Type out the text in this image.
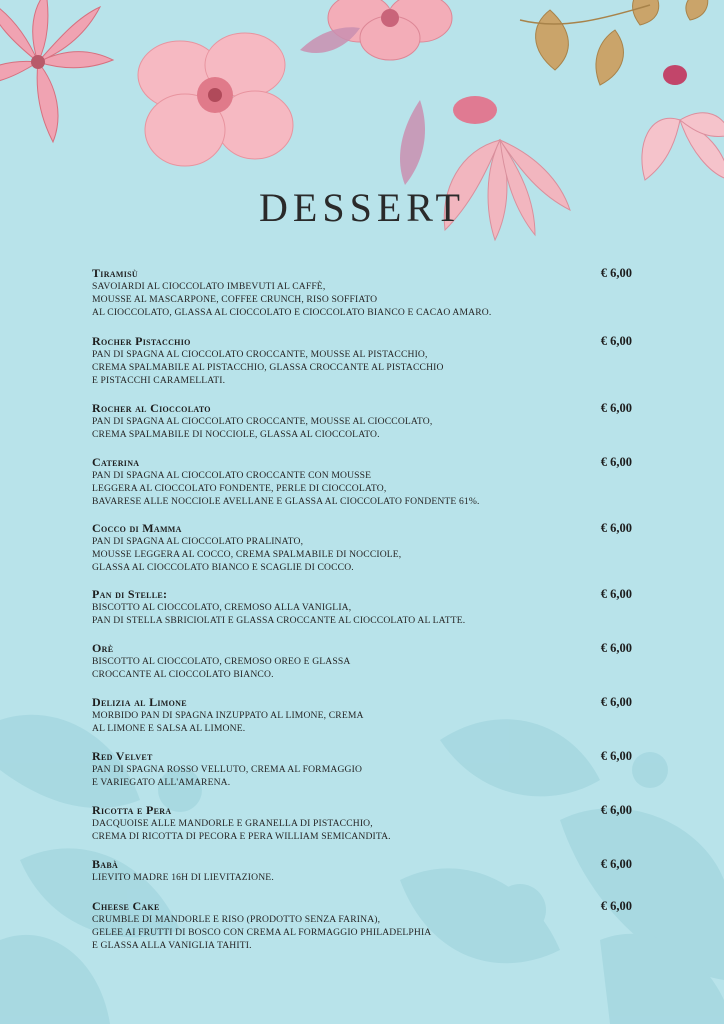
DESSERT
Tiramisù	€ 6,00
SAVOIARDI AL CIOCCOLATO IMBEVUTI AL CAFFÈ,
MOUSSE AL MASCARPONE, COFFEE CRUNCH, RISO SOFFIATO
AL CIOCCOLATO, GLASSA AL CIOCCOLATO E CIOCCOLATO BIANCO E CACAO AMARO.
Rocher Pistacchio	€ 6,00
PAN DI SPAGNA AL CIOCCOLATO CROCCANTE, MOUSSE AL PISTACCHIO,
CREMA SPALMABILE AL PISTACCHIO, GLASSA CROCCANTE AL PISTACCHIO
E PISTACCHI CARAMELLATI.
Rocher al Cioccolato	€ 6,00
PAN DI SPAGNA AL CIOCCOLATO CROCCANTE, MOUSSE AL CIOCCOLATO,
CREMA SPALMABILE DI NOCCIOLE, GLASSA AL CIOCCOLATO.
Caterina	€ 6,00
PAN DI SPAGNA AL CIOCCOLATO CROCCANTE CON MOUSSE
LEGGERA AL CIOCCOLATO FONDENTE, PERLE DI CIOCCOLATO,
BAVARESE ALLE NOCCIOLE AVELLANE E GLASSA AL CIOCCOLATO FONDENTE 61%.
Cocco di Mamma	€ 6,00
PAN DI SPAGNA AL CIOCCOLATO PRALINATO,
MOUSSE LEGGERA AL COCCO, CREMA SPALMABILE DI NOCCIOLE,
GLASSA AL CIOCCOLATO BIANCO E SCAGLIE DI COCCO.
Pan di Stelle:	€ 6,00
BISCOTTO AL CIOCCOLATO, CREMOSO ALLA VANIGLIA,
PAN DI STELLA SBRICIOLATI E GLASSA CROCCANTE AL CIOCCOLATO AL LATTE.
Orè	€ 6,00
BISCOTTO AL CIOCCOLATO, CREMOSO OREO E GLASSA
CROCCANTE AL CIOCCOLATO BIANCO.
Delizia al Limone	€ 6,00
MORBIDO PAN DI SPAGNA INZUPPATO AL LIMONE, CREMA
AL LIMONE E SALSA AL LIMONE.
Red Velvet	€ 6,00
PAN DI SPAGNA ROSSO VELLUTO, CREMA AL FORMAGGIO
E VARIEGATO ALL'AMARENA.
Ricotta e Pera	€ 6,00
DACQUOISE ALLE MANDORLE E GRANELLA DI PISTACCHIO,
CREMA DI RICOTTA DI PECORA E PERA WILLIAM SEMICANDITA.
Babà	€ 6,00
LIEVITO MADRE 16H DI LIEVITAZIONE.
Cheese Cake	€ 6,00
CRUMBLE DI MANDORLE E RISO (PRODOTTO SENZA FARINA),
GELEE AI FRUTTI DI BOSCO CON CREMA AL FORMAGGIO PHILADELPHIA
E GLASSA ALLA VANIGLIA TAHITI.
